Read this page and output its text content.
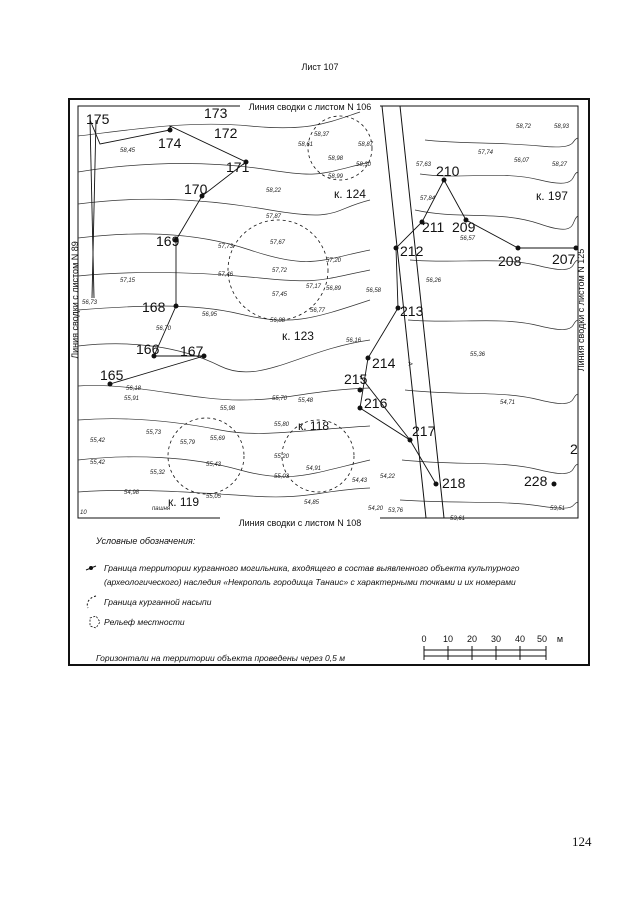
Лист 107
А
175
174
173
172
171
170
169
168
167
166
165
207
208
209
210
211
212
213
214
215
216
217
218	228
2
к. 124
к. 123
к. 118
к. 119
к. 197
пашня
10
58,45
58,61
58,98
58,99
58,22
57,87
57,73
57,67
57,46
57,72
57,45
57,15
56,73
56,95
56,70
56,88
56,77
56,89
57,17
57,20
56,58
56,16
56,26
56,57
56,07
58,27
58,72	58,93
57,74
57,63
57,84
56,18
55,91
55,98
55,70 55,48
55,80
55,73
55,79
55,69
55,42
55,43
55,32
55,20
55,03
54,91
54,85
54,98
55,05
54,43
54,22
54,20 53,76
53,61
53,51
55,36
54,71
55,42
58,37
58,87
58,30
Линия сводки с листом N 106
Линия сводки с листом N 108
Линия сводки с листом N 89	Линия сводки с листом N 125
0 10 20 30 40 50 м
Условные обозначения:
Граница территории курганного могильника, входящего в состав выявленного объекта культурного
(археологического) наследия «Некрополь городища Танаис» с характерными точками и их номерами
Граница курганной насыпи
Рельеф местности
Горизонтали на территории объекта проведены через 0,5 м
124
